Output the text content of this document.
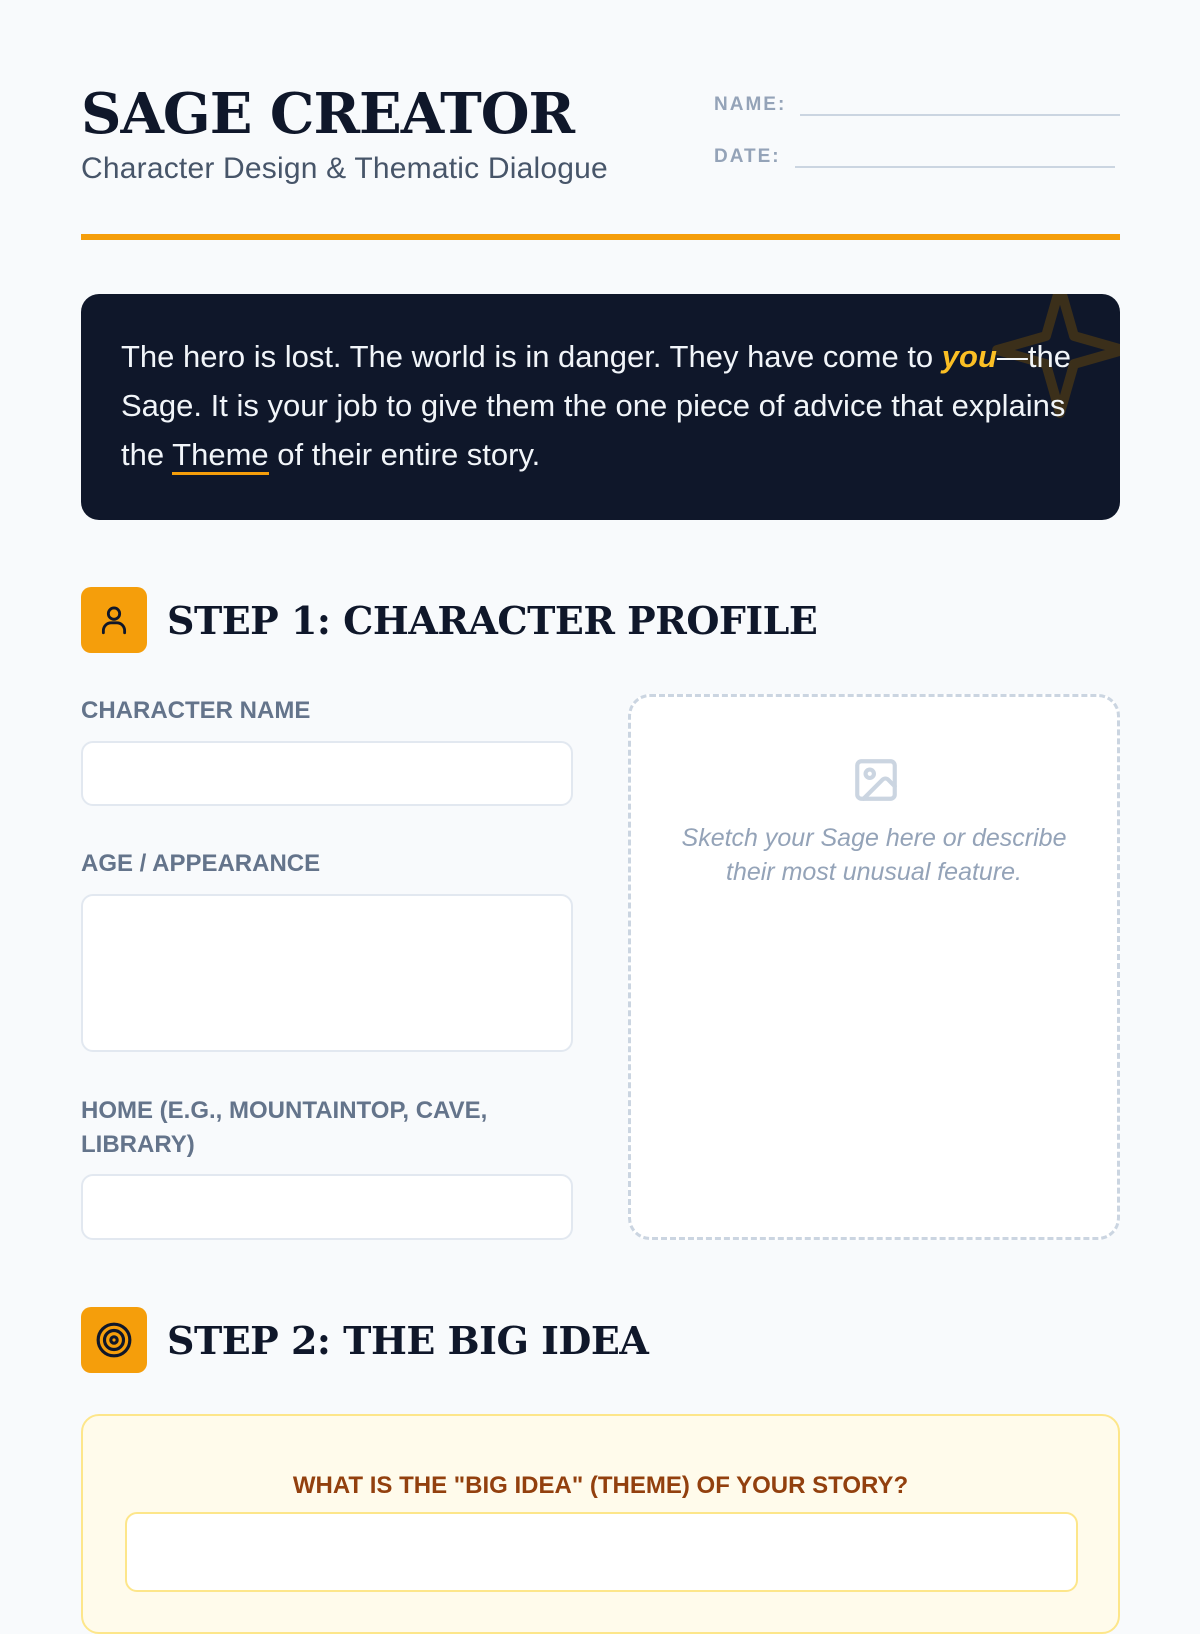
SAGE CREATOR
Character Design & Thematic Dialogue
NAME:
DATE:
The hero is lost. The world is in danger. They have come to you—the Sage. It is your job to give them the one piece of advice that explains the Theme of their entire story.
STEP 1: CHARACTER PROFILE
CHARACTER NAME
AGE / APPEARANCE
HOME (E.G., MOUNTAINTOP, CAVE, LIBRARY)
Sketch your Sage here or describe their most unusual feature.
STEP 2: THE BIG IDEA
WHAT IS THE "BIG IDEA" (THEME) OF YOUR STORY?
